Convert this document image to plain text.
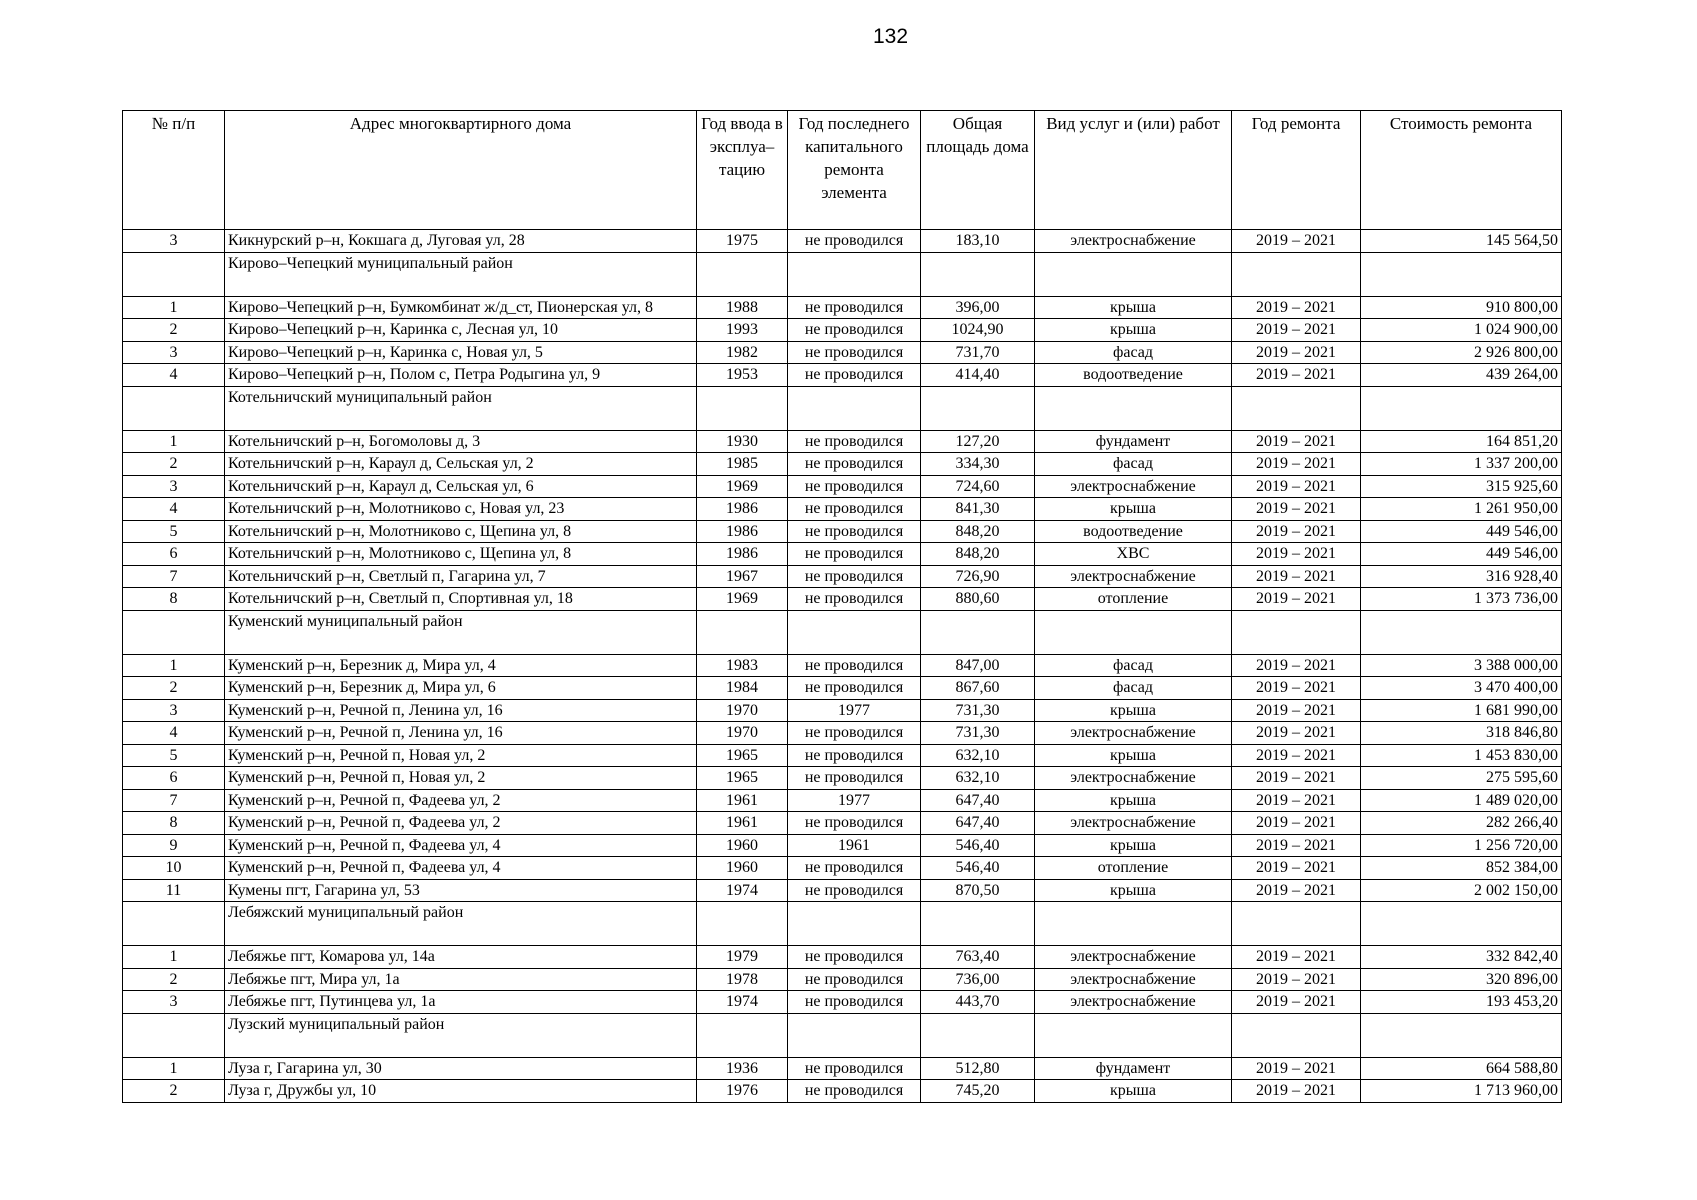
132
№ п/п	Адрес многоквартирного дома	Год ввода в эксплуа– тацию	Год последнего капитального ремонта элемента	Общая площадь дома	Вид услуг и (или) работ	Год ремонта	Стоимость ремонта
3	Кикнурский р–н, Кокшага д, Луговая ул, 28	1975	не проводился	183,10	электроснабжение	2019 – 2021	145 564,50
	Кирово–Чепецкий муниципальный район						
1	Кирово–Чепецкий р–н, Бумкомбинат ж/д_ст, Пионерская ул, 8	1988	не проводился	396,00	крыша	2019 – 2021	910 800,00
2	Кирово–Чепецкий р–н, Каринка с, Лесная ул, 10	1993	не проводился	1024,90	крыша	2019 – 2021	1 024 900,00
3	Кирово–Чепецкий р–н, Каринка с, Новая ул, 5	1982	не проводился	731,70	фасад	2019 – 2021	2 926 800,00
4	Кирово–Чепецкий р–н, Полом с, Петра Родыгина ул, 9	1953	не проводился	414,40	водоотведение	2019 – 2021	439 264,00
	Котельничский муниципальный район						
1	Котельничский р–н, Богомоловы д, 3	1930	не проводился	127,20	фундамент	2019 – 2021	164 851,20
2	Котельничский р–н, Караул д, Сельская ул, 2	1985	не проводился	334,30	фасад	2019 – 2021	1 337 200,00
3	Котельничский р–н, Караул д, Сельская ул, 6	1969	не проводился	724,60	электроснабжение	2019 – 2021	315 925,60
4	Котельничский р–н, Молотниково с, Новая ул, 23	1986	не проводился	841,30	крыша	2019 – 2021	1 261 950,00
5	Котельничский р–н, Молотниково с, Щепина ул, 8	1986	не проводился	848,20	водоотведение	2019 – 2021	449 546,00
6	Котельничский р–н, Молотниково с, Щепина ул, 8	1986	не проводился	848,20	ХВС	2019 – 2021	449 546,00
7	Котельничский р–н, Светлый п, Гагарина ул, 7	1967	не проводился	726,90	электроснабжение	2019 – 2021	316 928,40
8	Котельничский р–н, Светлый п, Спортивная ул, 18	1969	не проводился	880,60	отопление	2019 – 2021	1 373 736,00
	Куменский муниципальный район						
1	Куменский р–н, Березник д, Мира ул, 4	1983	не проводился	847,00	фасад	2019 – 2021	3 388 000,00
2	Куменский р–н, Березник д, Мира ул, 6	1984	не проводился	867,60	фасад	2019 – 2021	3 470 400,00
3	Куменский р–н, Речной п, Ленина ул, 16	1970	1977	731,30	крыша	2019 – 2021	1 681 990,00
4	Куменский р–н, Речной п, Ленина ул, 16	1970	не проводился	731,30	электроснабжение	2019 – 2021	318 846,80
5	Куменский р–н, Речной п, Новая ул, 2	1965	не проводился	632,10	крыша	2019 – 2021	1 453 830,00
6	Куменский р–н, Речной п, Новая ул, 2	1965	не проводился	632,10	электроснабжение	2019 – 2021	275 595,60
7	Куменский р–н, Речной п, Фадеева ул, 2	1961	1977	647,40	крыша	2019 – 2021	1 489 020,00
8	Куменский р–н, Речной п, Фадеева ул, 2	1961	не проводился	647,40	электроснабжение	2019 – 2021	282 266,40
9	Куменский р–н, Речной п, Фадеева ул, 4	1960	1961	546,40	крыша	2019 – 2021	1 256 720,00
10	Куменский р–н, Речной п, Фадеева ул, 4	1960	не проводился	546,40	отопление	2019 – 2021	852 384,00
11	Кумены пгт, Гагарина ул, 53	1974	не проводился	870,50	крыша	2019 – 2021	2 002 150,00
	Лебяжский муниципальный район						
1	Лебяжье пгт, Комарова ул, 14а	1979	не проводился	763,40	электроснабжение	2019 – 2021	332 842,40
2	Лебяжье пгт, Мира ул, 1а	1978	не проводился	736,00	электроснабжение	2019 – 2021	320 896,00
3	Лебяжье пгт, Путинцева ул, 1а	1974	не проводился	443,70	электроснабжение	2019 – 2021	193 453,20
	Лузский муниципальный район						
1	Луза г, Гагарина ул, 30	1936	не проводился	512,80	фундамент	2019 – 2021	664 588,80
2	Луза г, Дружбы ул, 10	1976	не проводился	745,20	крыша	2019 – 2021	1 713 960,00
